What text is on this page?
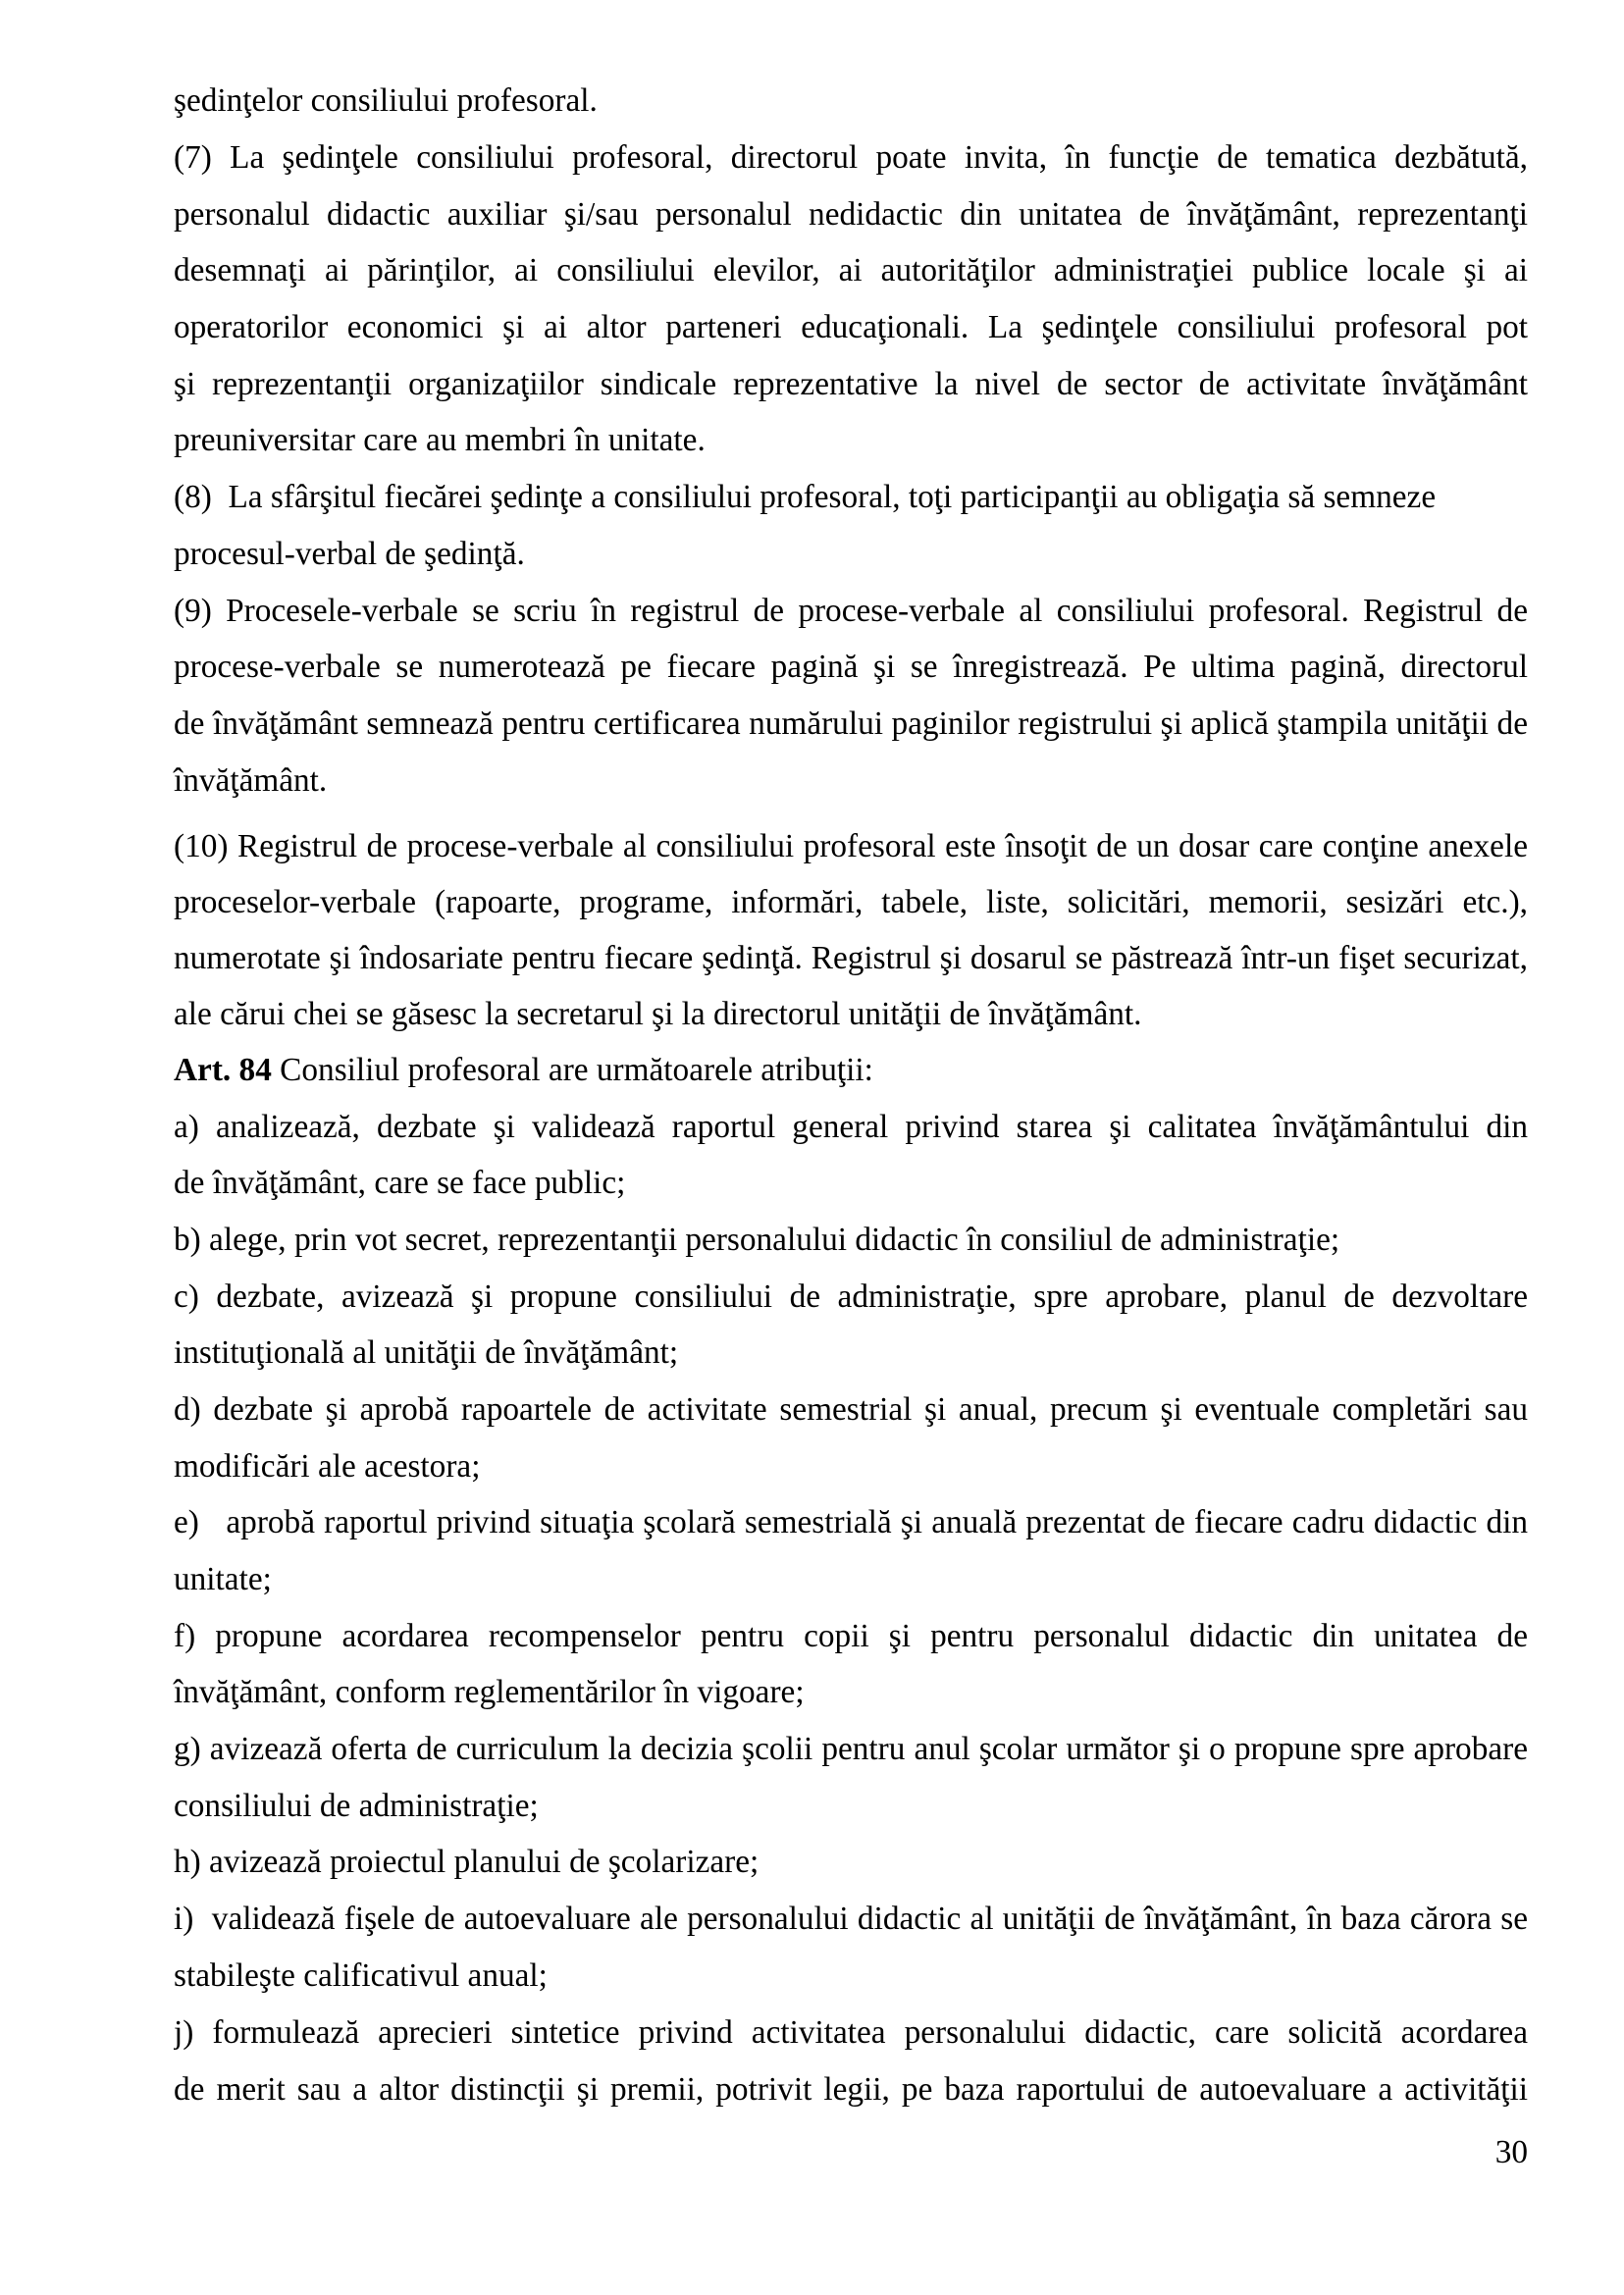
şedinţelor consiliului profesoral.
(7) La şedinţele consiliului profesoral, directorul poate invita, în funcţie de tematica dezbătută,
personalul didactic auxiliar şi/sau personalul nedidactic din unitatea de învăţământ, reprezentanţi
desemnaţi ai părinţilor, ai consiliului elevilor, ai autorităţilor administraţiei publice locale şi ai
operatorilor economici şi ai altor parteneri educaţionali. La şedinţele consiliului profesoral pot
şi reprezentanţii organizaţiilor sindicale reprezentative la nivel de sector de activitate învăţământ
preuniversitar care au membri în unitate.
(8)  La sfârşitul fiecărei şedinţe a consiliului profesoral, toţi participanţii au obligaţia să semneze
procesul-verbal de şedinţă.
(9) Procesele-verbale se scriu în registrul de procese-verbale al consiliului profesoral. Registrul de
procese-verbale se numerotează pe fiecare pagină şi se înregistrează. Pe ultima pagină, directorul
de învăţământ semnează pentru certificarea numărului paginilor registrului şi aplică ştampila unităţii de
învăţământ.
(10) Registrul de procese-verbale al consiliului profesoral este însoţit de un dosar care conţine anexele
proceselor-verbale (rapoarte, programe, informări, tabele, liste, solicitări, memorii, sesizări etc.),
numerotate şi îndosariate pentru fiecare şedinţă. Registrul şi dosarul se păstrează într-un fişet securizat,
ale cărui chei se găsesc la secretarul şi la directorul unităţii de învăţământ.
Art. 84 Consiliul profesoral are următoarele atribuţii:
a) analizează, dezbate şi validează raportul general privind starea şi calitatea învăţământului din
de învăţământ, care se face public;
b) alege, prin vot secret, reprezentanţii personalului didactic în consiliul de administraţie;
c) dezbate, avizează şi propune consiliului de administraţie, spre aprobare, planul de dezvoltare
instituţională al unităţii de învăţământ;
d) dezbate şi aprobă rapoartele de activitate semestrial şi anual, precum şi eventuale completări sau
modificări ale acestora;
e)   aprobă raportul privind situaţia şcolară semestrială şi anuală prezentat de fiecare cadru didactic din
unitate;
f) propune acordarea recompenselor pentru copii şi pentru personalul didactic din unitatea de
învăţământ, conform reglementărilor în vigoare;
g) avizează oferta de curriculum la decizia şcolii pentru anul şcolar următor şi o propune spre aprobare
consiliului de administraţie;
h) avizează proiectul planului de şcolarizare;
i)  validează fişele de autoevaluare ale personalului didactic al unităţii de învăţământ, în baza cărora se
stabileşte calificativul anual;
j) formulează aprecieri sintetice privind activitatea personalului didactic, care solicită acordarea
de merit sau a altor distincţii şi premii, potrivit legii, pe baza raportului de autoevaluare a activităţii
30
